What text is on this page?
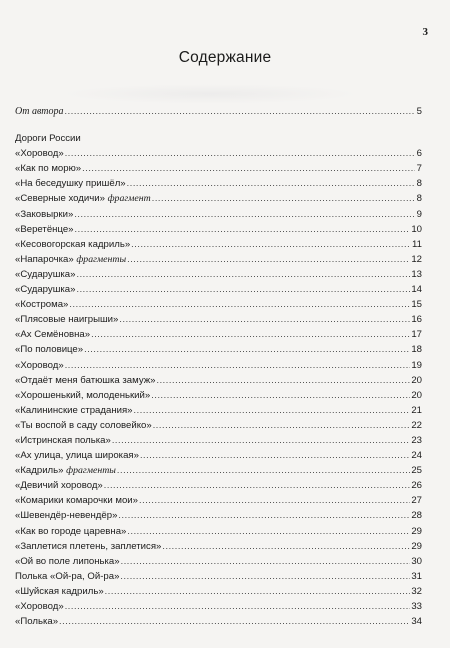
3
Содержание
От автора .....	5
Дороги России
«Хоровод» .....	6
«Как по морю» .....	7
«На беседушку пришёл» .....	8
«Северные ходичи» фрагмент .....	8
«Заковырки» .....	9
«Веретёнце» .....	10
«Кесовогорская кадриль» .....	11
«Напарочка» фрагменты .....	12
«Сударушка» .....	13
«Сударушка» .....	14
«Кострома» .....	15
«Плясовые наигрыши» .....	16
«Ах Семёновна» .....	17
«По половице» .....	18
«Хоровод» .....	19
«Отдаёт меня батюшка замуж» .....	20
«Хорошенький, молоденький» .....	20
«Калининские страдания» .....	21
«Ты воспой в саду соловейко» .....	22
«Истринская полька» .....	23
«Ах улица, улица широкая» .....	24
«Кадриль» фрагменты .....	25
«Девичий хоровод» .....	26
«Комарики комарочки мои» .....	27
«Шевендёр-невендёр» .....	28
«Как во городе царевна» .....	29
«Заплетися плетень, заплетися» .....	29
«Ой во поле липонька» .....	30
Полька «Ой-ра, Ой-ра» .....	31
«Шуйская кадриль» .....	32
«Хоровод» .....	33
«Полька» .....	34
